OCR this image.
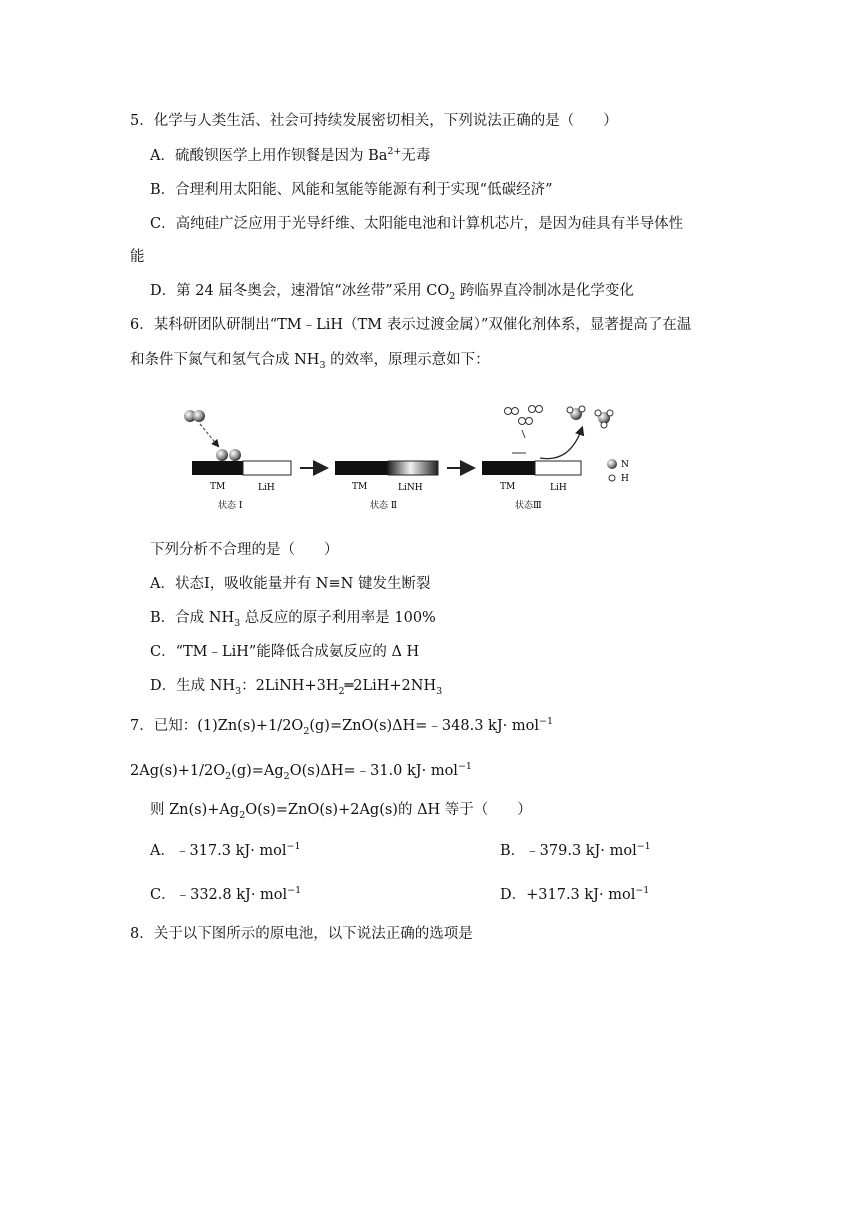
5．化学与人类生活、社会可持续发展密切相关，下列说法正确的是（　　）
A．硫酸钡医学上用作钡餐是因为 $Ba^{2+}$无毒
B．合理利用太阳能、风能和氢能等能源有利于实现“低碳经济”
C．高纯硅广泛应用于光导纤维、太阳能电池和计算机芯片，是因为硅具有半导体性
能
D．第 24 届冬奥会，速滑馆“冰丝带”采用 $CO_2$ 跨临界直冷制冰是化学变化
6．某科研团队研制出“TM﹣LiH（TM 表示过渡金属）”双催化剂体系，显著提高了在温
和条件下氮气和氢气合成 $NH_3$ 的效率，原理示意如下：
TM	LiH
状态 Ⅰ
TM	LiNH
状态 Ⅱ
TM	LiH
状态Ⅲ
N
H
下列分析不合理的是（　　）
A．状态Ⅰ，吸收能量并有 N≡N 键发生断裂
B．合成 $NH_3$ 总反应的原子利用率是 100%
C．“TM﹣LiH”能降低合成氨反应的 Δ H
D．生成 $NH_3$：$2LiNH+3H_2═2LiH+2NH_3$
7．已知：$(1)Zn(s)+1/2O_2(g)=ZnO(s)\Delta H=﹣348.3$ kJ· mol$^{-1}$
$2Ag(s)+1/2O_2(g)=Ag_2O(s)\Delta H=﹣31.0$ kJ· mol$^{-1}$
则 $Zn(s)+Ag_2O(s)=ZnO(s)+2Ag(s)$的 ΔH 等于（　　）
A．﹣317.3 kJ· mol$^{-1}$	B．﹣379.3 kJ· mol$^{-1}$
C．﹣332.8 kJ· mol$^{-1}$	D．+317.3 kJ· mol$^{-1}$
8．关于以下图所示的原电池，以下说法正确的选项是
